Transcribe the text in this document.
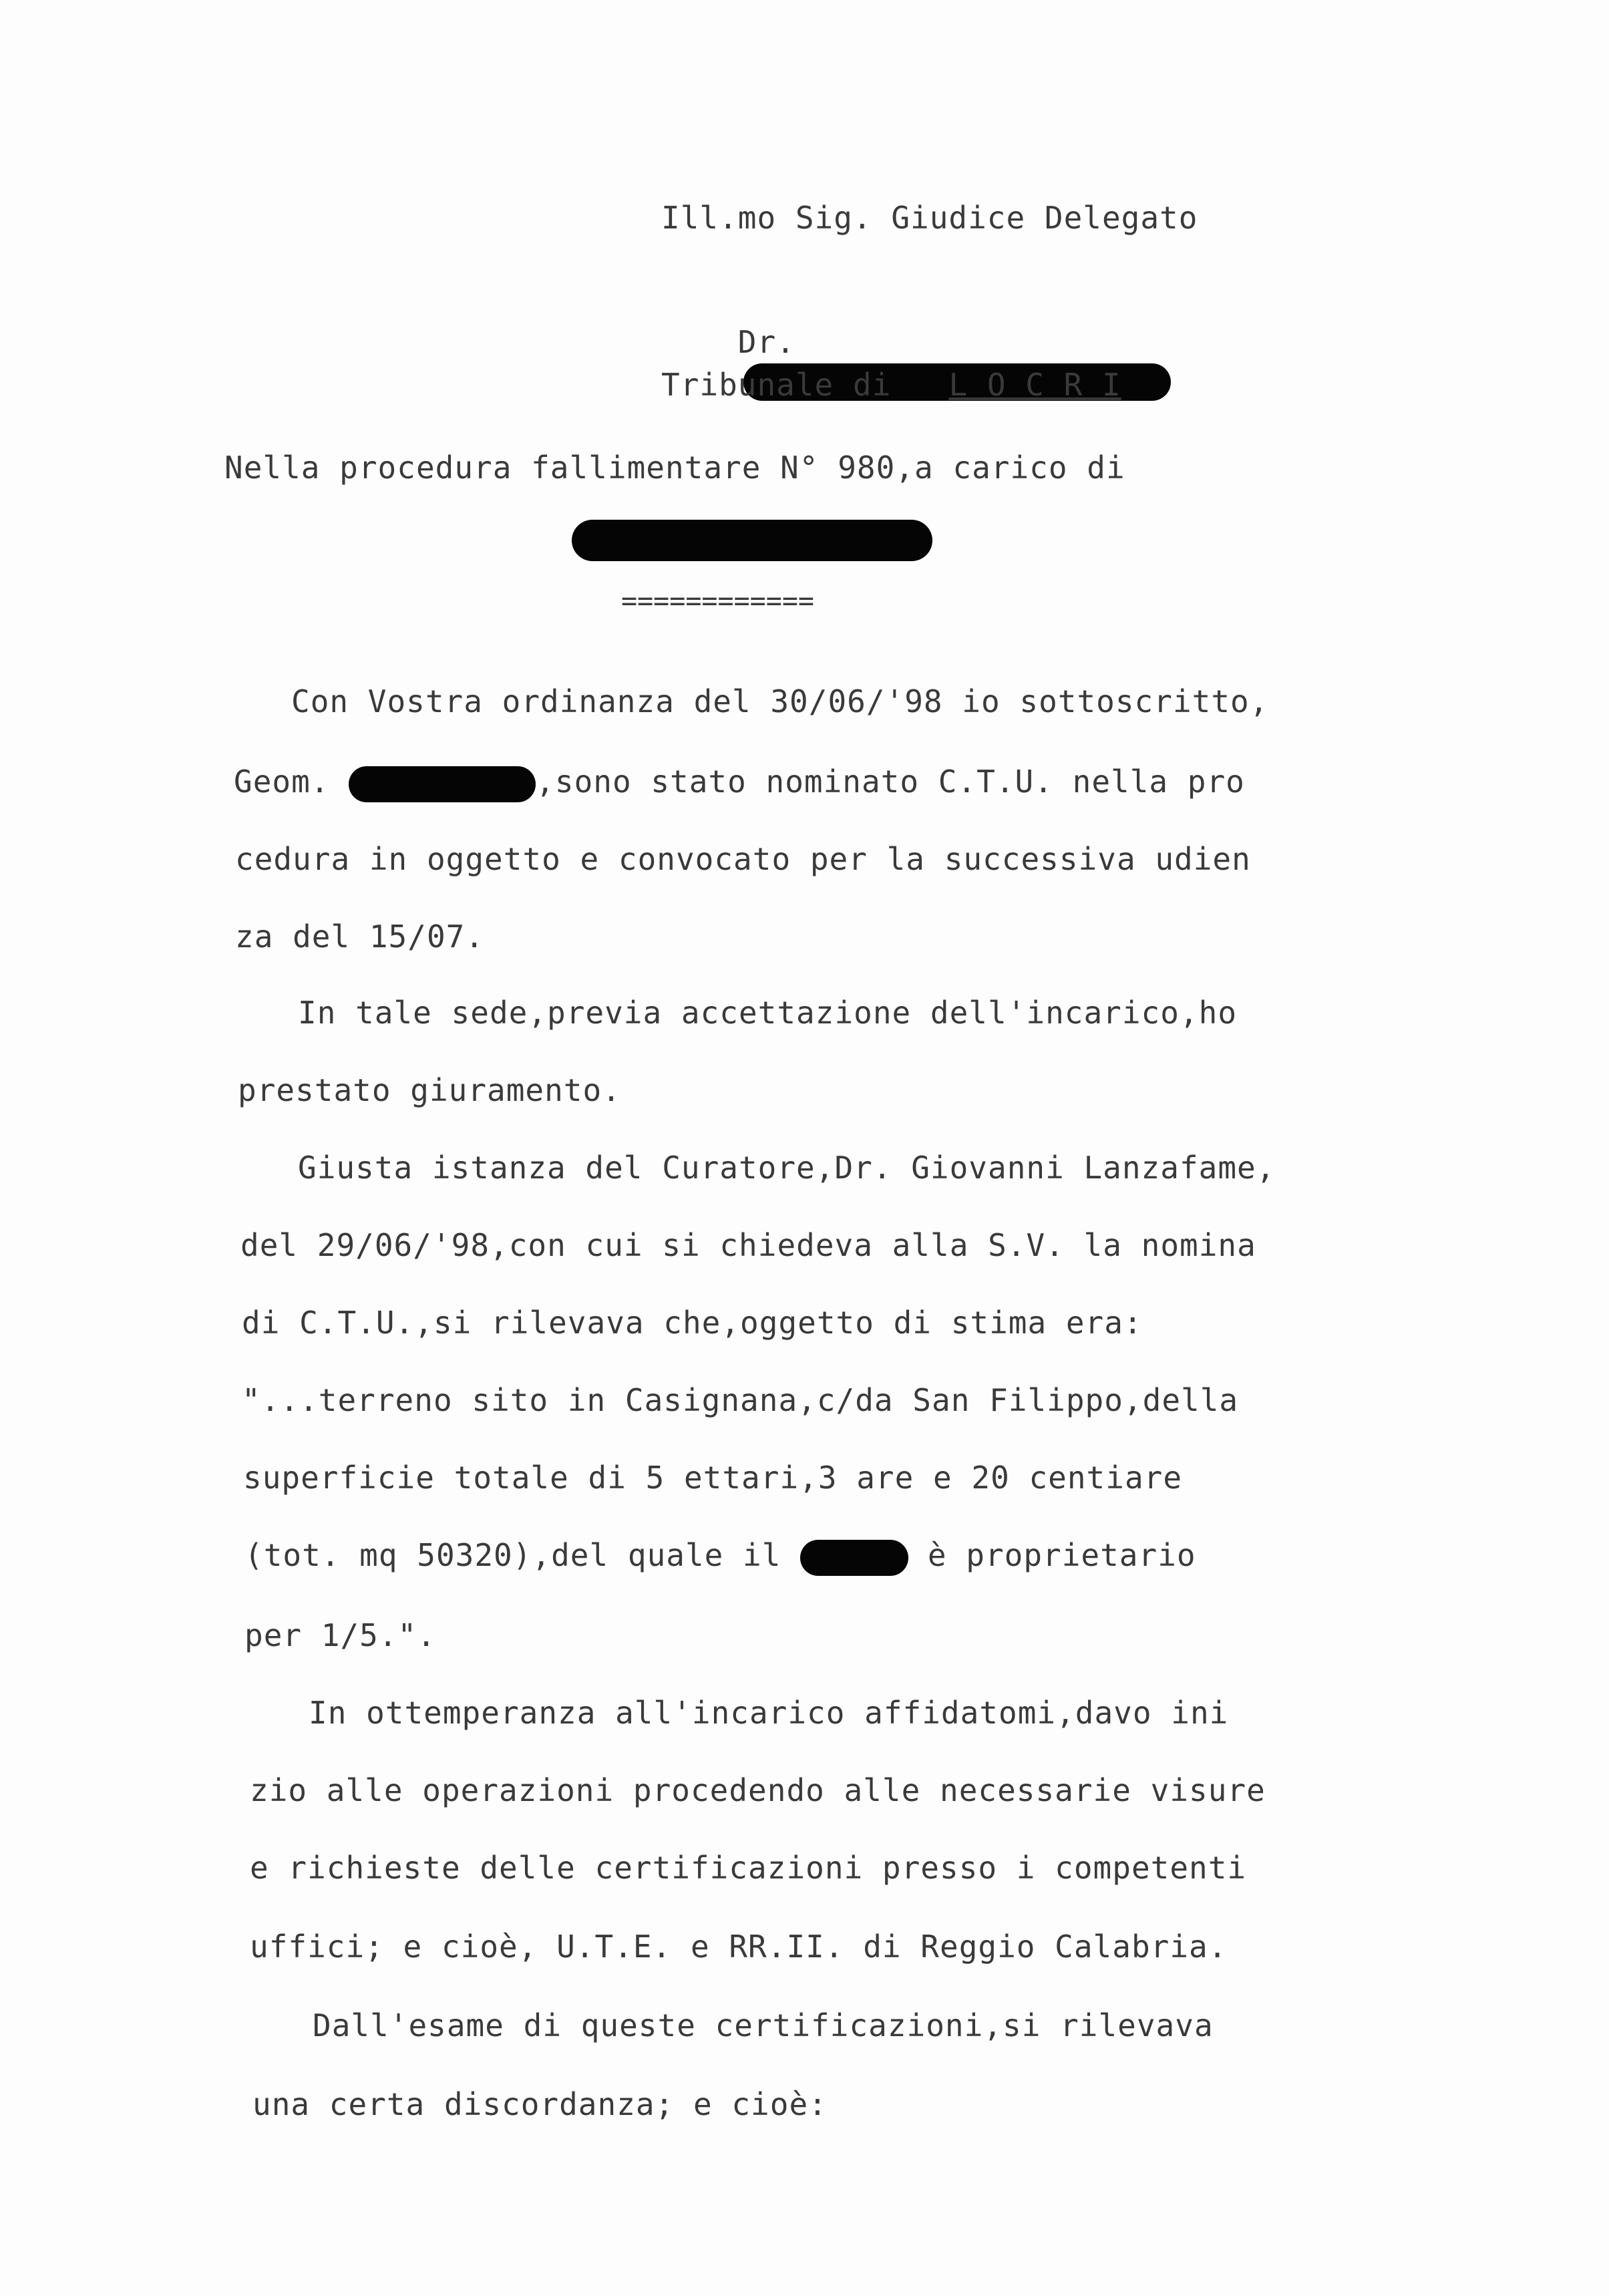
Ill.mo Sig. Giudice Delegato

Dr.

Tribunale di L O C R I
Nella procedura fallimentare N° 980,a carico di

============
Con Vostra ordinanza del 30/06/'98 io sottoscritto,
Geom.	,sono stato nominato C.T.U. nella pro
cedura in oggetto e convocato per la successiva udien
za del 15/07.
In tale sede,previa accettazione dell'incarico,ho
prestato giuramento.
Giusta istanza del Curatore,Dr. Giovanni Lanzafame,
del 29/06/'98,con cui si chiedeva alla S.V. la nomina
di C.T.U.,si rilevava che,oggetto di stima era:
"...terreno sito in Casignana,c/da San Filippo,della
superficie totale di 5 ettari,3 are e 20 centiare
(tot. mq 50320),del quale il	è proprietario
per 1/5.".
In ottemperanza all'incarico affidatomi,davo ini
zio alle operazioni procedendo alle necessarie visure
e richieste delle certificazioni presso i competenti
uffici; e cioè, U.T.E. e RR.II. di Reggio Calabria.
Dall'esame di queste certificazioni,si rilevava
una certa discordanza; e cioè:
